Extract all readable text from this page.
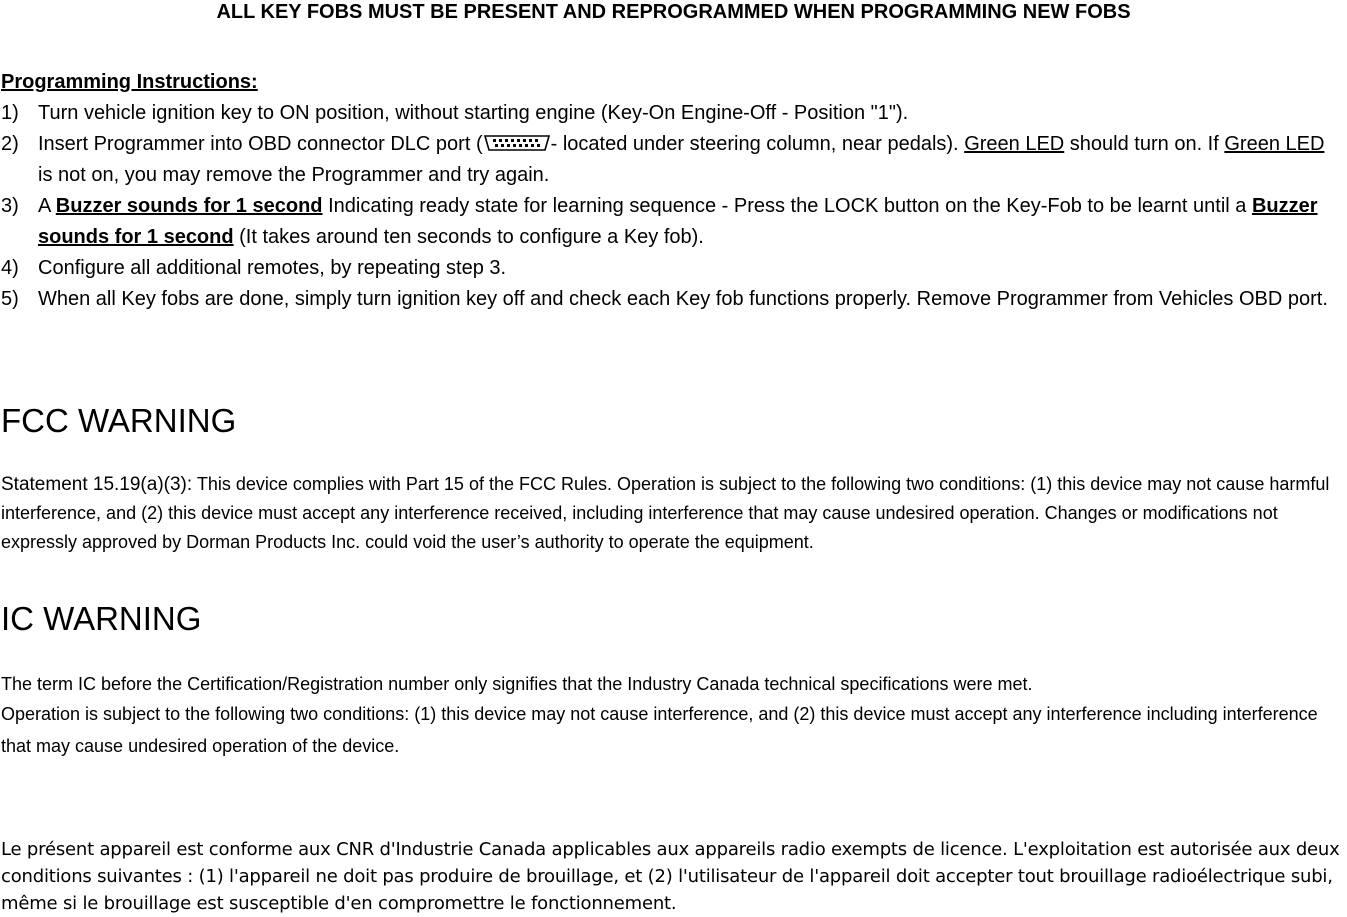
ALL KEY FOBS MUST BE PRESENT AND REPROGRAMMED WHEN PROGRAMMING NEW FOBS
Programming Instructions:
1) Turn vehicle ignition key to ON position, without starting engine (Key-On Engine-Off - Position "1").
2) Insert Programmer into OBD connector DLC port (	- located under steering column, near pedals). Green LED should turn on. If Green LED is not on, you may remove the Programmer and try again.
3) A Buzzer sounds for 1 second Indicating ready state for learning sequence - Press the LOCK button on the Key-Fob to be learnt until a Buzzer sounds for 1 second (It takes around ten seconds to configure a Key fob).
4) Configure all additional remotes, by repeating step 3.
5) When all Key fobs are done, simply turn ignition key off and check each Key fob functions properly. Remove Programmer from Vehicles OBD port.
FCC WARNING
Statement 15.19(a)(3): This device complies with Part 15 of the FCC Rules. Operation is subject to the following two conditions: (1) this device may not cause harmful interference, and (2) this device must accept any interference received, including interference that may cause undesired operation. Changes or modifications not expressly approved by Dorman Products Inc. could void the user’s authority to operate the equipment.
IC WARNING
The term IC before the Certification/Registration number only signifies that the Industry Canada technical specifications were met.
Operation is subject to the following two conditions: (1) this device may not cause interference, and (2) this device must accept any interference including interference that may cause undesired operation of the device.
Le présent appareil est conforme aux CNR d'Industrie Canada applicables aux appareils radio exempts de licence. L'exploitation est autorisée aux deux conditions suivantes : (1) l'appareil ne doit pas produire de brouillage, et (2) l'utilisateur de l'appareil doit accepter tout brouillage radioélectrique subi, même si le brouillage est susceptible d'en compromettre le fonctionnement.
